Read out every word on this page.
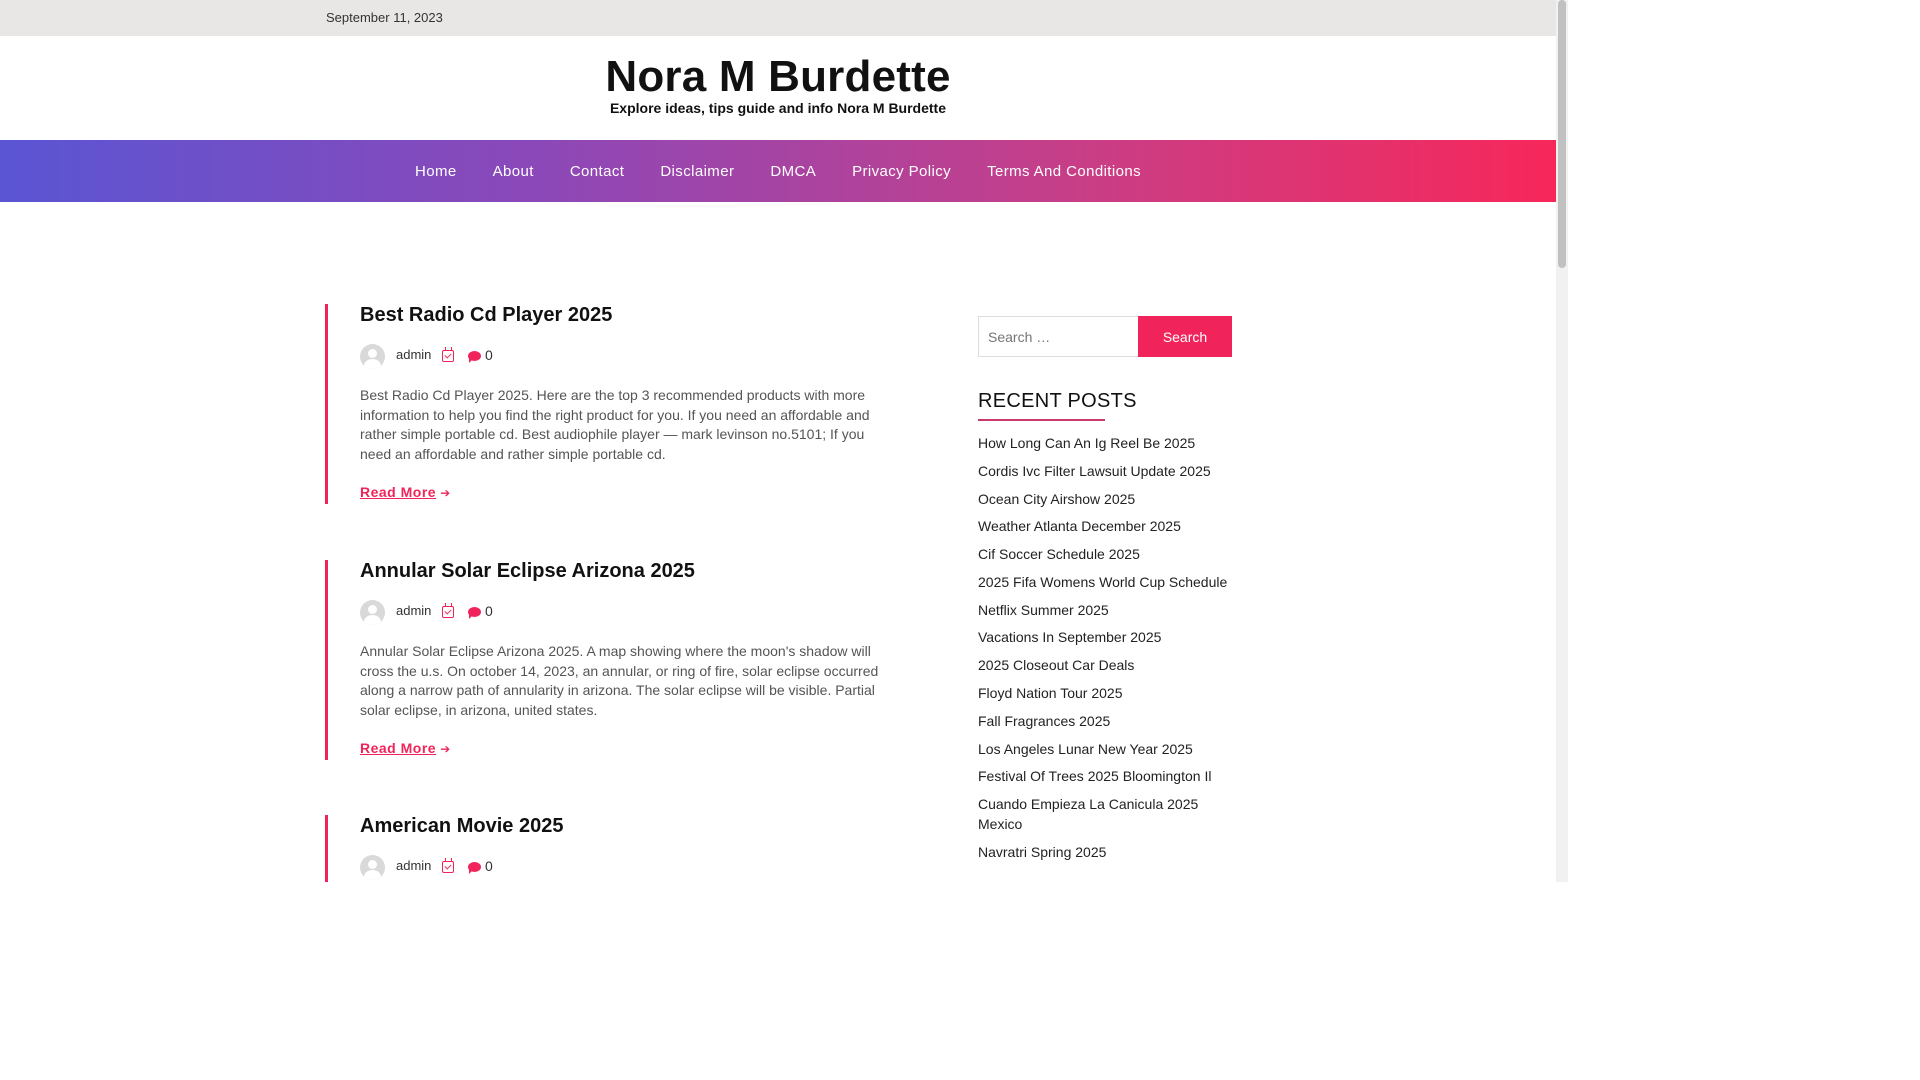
September 11, 2023
Nora M Burdette
Explore ideas, tips guide and info Nora M Burdette
Home About Contact Disclaimer DMCA Privacy Policy Terms And Conditions
Best Radio Cd Player 2025
admin	0

Best Radio Cd Player 2025. Here are the top 3 recommended products with more information to help you find the right product for you. If you need an affordable and rather simple portable cd. Best audiophile player — mark levinson no.5101; If you need an affordable and rather simple portable cd.

Read More ➔
Annular Solar Eclipse Arizona 2025
admin	0

Annular Solar Eclipse Arizona 2025. A map showing where the moon's shadow will cross the u.s. On october 14, 2023, an annular, or ring of fire, solar eclipse occurred along a narrow path of annularity in arizona. The solar eclipse will be visible. Partial solar eclipse, in arizona, united states.

Read More ➔
American Movie 2025
admin	0
Search …
Search
RECENT POSTS
How Long Can An Ig Reel Be 2025
Cordis Ivc Filter Lawsuit Update 2025
Ocean City Airshow 2025
Weather Atlanta December 2025
Cif Soccer Schedule 2025
2025 Fifa Womens World Cup Schedule
Netflix Summer 2025
Vacations In September 2025
2025 Closeout Car Deals
Floyd Nation Tour 2025
Fall Fragrances 2025
Los Angeles Lunar New Year 2025
Festival Of Trees 2025 Bloomington Il
Cuando Empieza La Canicula 2025 Mexico
Navratri Spring 2025
